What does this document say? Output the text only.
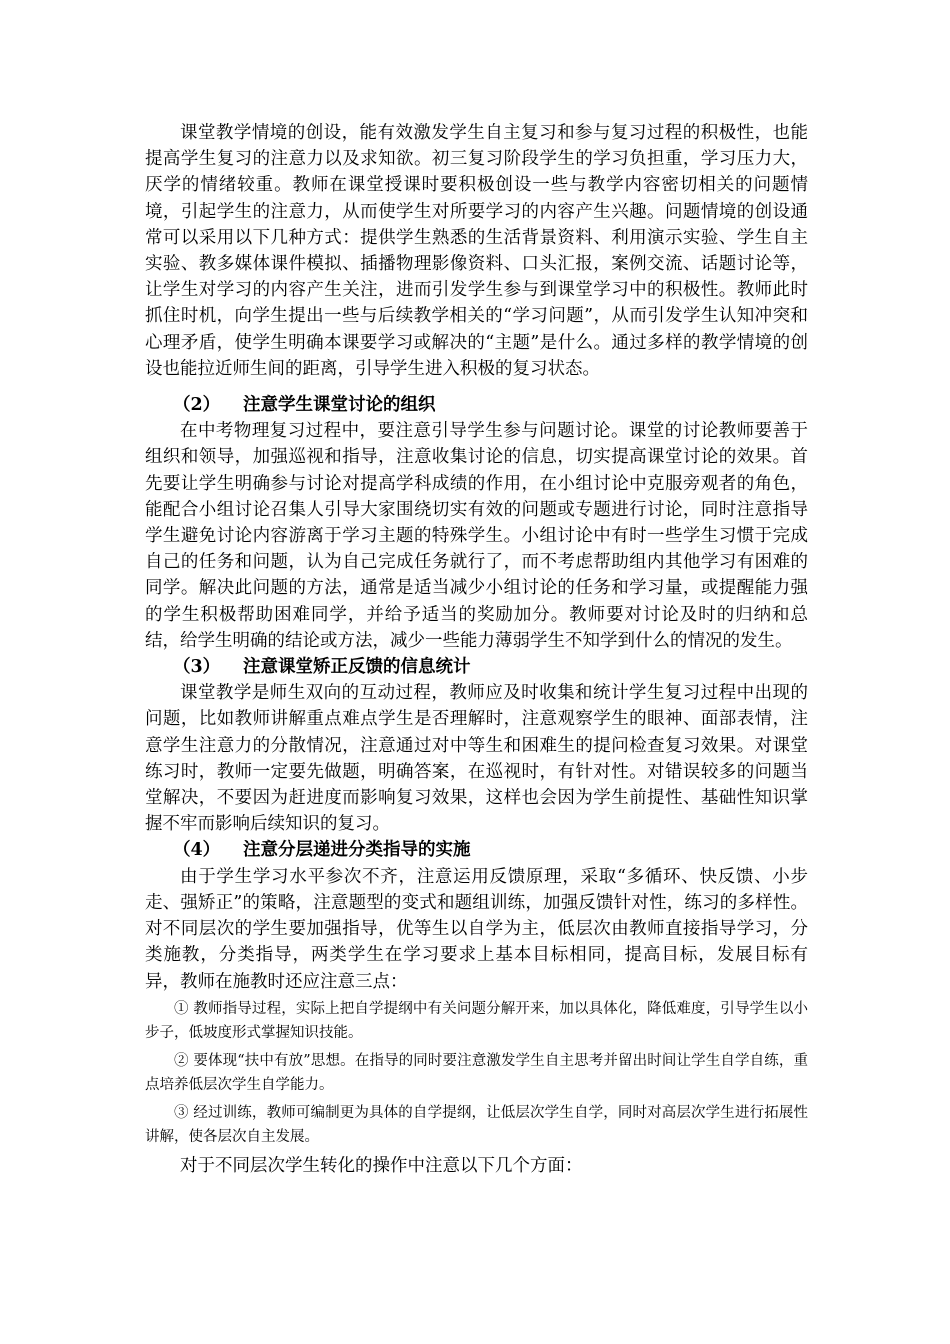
课堂教学情境的创设，能有效激发学生自主复习和参与复习过程的积极性，也能提高学生复习的注意力以及求知欲。初三复习阶段学生的学习负担重，学习压力大，厌学的情绪较重。教师在课堂授课时要积极创设一些与教学内容密切相关的问题情境，引起学生的注意力，从而使学生对所要学习的内容产生兴趣。问题情境的创设通常可以采用以下几种方式：提供学生熟悉的生活背景资料、利用演示实验、学生自主实验、教多媒体课件模拟、插播物理影像资料、口头汇报，案例交流、话题讨论等，让学生对学习的内容产生关注，进而引发学生参与到课堂学习中的积极性。教师此时抓住时机，向学生提出一些与后续教学相关的“学习问题”，从而引发学生认知冲突和心理矛盾，使学生明确本课要学习或解决的“主题”是什么。通过多样的教学情境的创设也能拉近师生间的距离，引导学生进入积极的复习状态。

（2） 注意学生课堂讨论的组织

在中考物理复习过程中，要注意引导学生参与问题讨论。课堂的讨论教师要善于组织和领导，加强巡视和指导，注意收集讨论的信息，切实提高课堂讨论的效果。首先要让学生明确参与讨论对提高学科成绩的作用，在小组讨论中克服旁观者的角色，能配合小组讨论召集人引导大家围绕切实有效的问题或专题进行讨论，同时注意指导学生避免讨论内容游离于学习主题的特殊学生。小组讨论中有时一些学生习惯于完成自己的任务和问题，认为自己完成任务就行了，而不考虑帮助组内其他学习有困难的同学。解决此问题的方法，通常是适当减少小组讨论的任务和学习量，或提醒能力强的学生积极帮助困难同学，并给予适当的奖励加分。教师要对讨论及时的归纳和总结，给学生明确的结论或方法，减少一些能力薄弱学生不知学到什么的情况的发生。

（3） 注意课堂矫正反馈的信息统计

课堂教学是师生双向的互动过程，教师应及时收集和统计学生复习过程中出现的问题，比如教师讲解重点难点学生是否理解时，注意观察学生的眼神、面部表情，注意学生注意力的分散情况，注意通过对中等生和困难生的提问检查复习效果。对课堂练习时，教师一定要先做题，明确答案，在巡视时，有针对性。对错误较多的问题当堂解决，不要因为赶进度而影响复习效果，这样也会因为学生前提性、基础性知识掌握不牢而影响后续知识的复习。

（4） 注意分层递进分类指导的实施

由于学生学习水平参次不齐，注意运用反馈原理，采取“多循环、快反馈、小步走、强矫正”的策略，注意题型的变式和题组训练，加强反馈针对性，练习的多样性。对不同层次的学生要加强指导，优等生以自学为主，低层次由教师直接指导学习，分类施教，分类指导，两类学生在学习要求上基本目标相同，提高目标，发展目标有异，教师在施教时还应注意三点：

① 教师指导过程，实际上把自学提纲中有关问题分解开来，加以具体化，降低难度，引导学生以小步子，低坡度形式掌握知识技能。

② 要体现“扶中有放”思想。在指导的同时要注意激发学生自主思考并留出时间让学生自学自练，重点培养低层次学生自学能力。

③ 经过训练，教师可编制更为具体的自学提纲，让低层次学生自学，同时对高层次学生进行拓展性讲解，使各层次自主发展。

对于不同层次学生转化的操作中注意以下几个方面：
